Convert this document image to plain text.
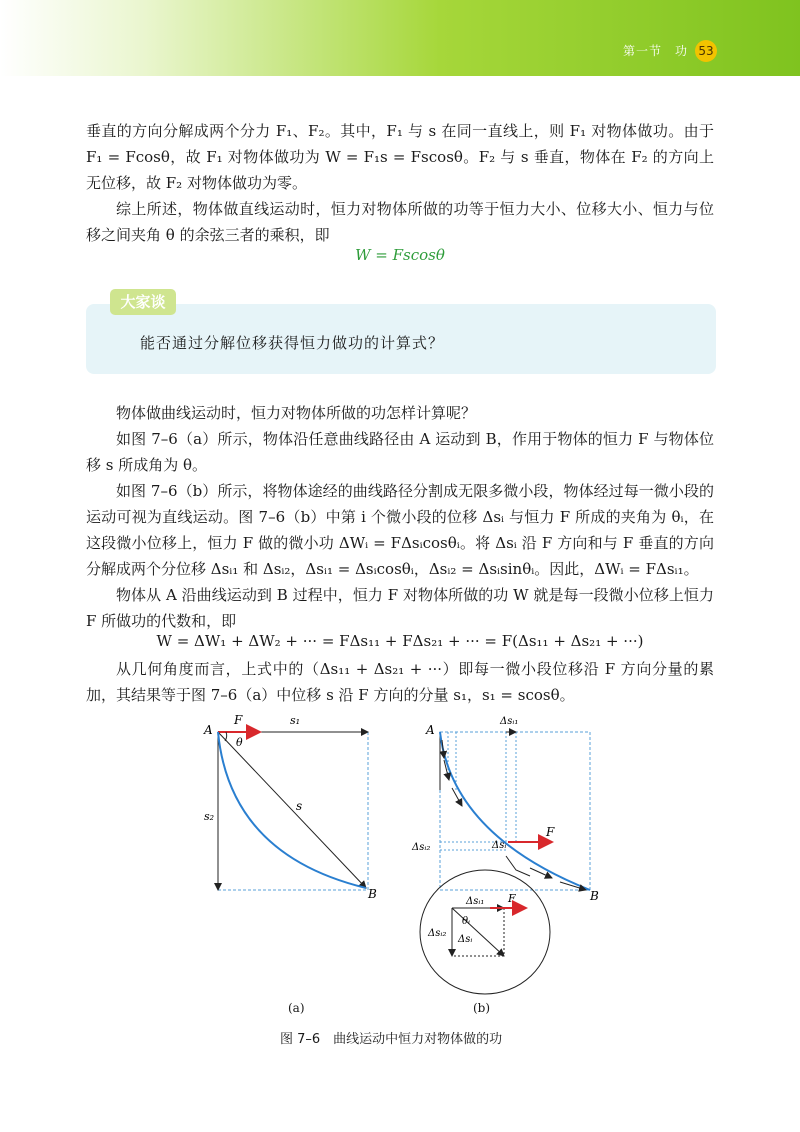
第一节　功 53

垂直的方向分解成两个分力 F₁、F₂。其中，F₁ 与 s 在同一直线上，则 F₁ 对物体做功。由于 F₁ = Fcosθ，故 F₁ 对物体做功为 W = F₁s = Fscosθ。F₂ 与 s 垂直，物体在 F₂ 的方向上无位移，故 F₂ 对物体做功为零。

综上所述，物体做直线运动时，恒力对物体所做的功等于恒力大小、位移大小、恒力与位移之间夹角 θ 的余弦三者的乘积，即

W = Fscosθ
大家谈
能否通过分解位移获得恒力做功的计算式？

物体做曲线运动时，恒力对物体所做的功怎样计算呢？

如图 7–6（a）所示，物体沿任意曲线路径由 A 运动到 B，作用于物体的恒力 F 与物体位移 s 所成角为 θ。

如图 7–6（b）所示，将物体途经的曲线路径分割成无限多微小段，物体经过每一微小段的运动可视为直线运动。图 7–6（b）中第 i 个微小段的位移 Δsᵢ 与恒力 F 所成的夹角为 θᵢ，在这段微小位移上，恒力 F 做的微小功 ΔWᵢ = FΔsᵢcosθᵢ。将 Δsᵢ 沿 F 方向和与 F 垂直的方向分解成两个分位移 Δsᵢ₁ 和 Δsᵢ₂，Δsᵢ₁ = Δsᵢcosθᵢ，Δsᵢ₂ = Δsᵢsinθᵢ。因此，ΔWᵢ = FΔsᵢ₁。

物体从 A 沿曲线运动到 B 过程中，恒力 F 对物体所做的功 W 就是每一段微小位移上恒力 F 所做功的代数和，即

W = ΔW₁ + ΔW₂ + ··· = FΔs₁₁ + FΔs₂₁ + ··· = F(Δs₁₁ + Δs₂₁ + ···)

从几何角度而言，上式中的（Δs₁₁ + Δs₂₁ + ···）即每一微小段位移沿 F 方向分量的累加，其结果等于图 7–6（a）中位移 s 沿 F 方向的分量 s₁，s₁ = scosθ。

A
B
F
θ
s
s₁
s₂
A
B
F
Δsᵢ₁
Δsᵢ₂	Δsᵢ
Δsᵢ₁
Δsᵢ₂
Δsᵢ
θᵢ
F
(a)	(b)
图 7–6　曲线运动中恒力对物体做的功
